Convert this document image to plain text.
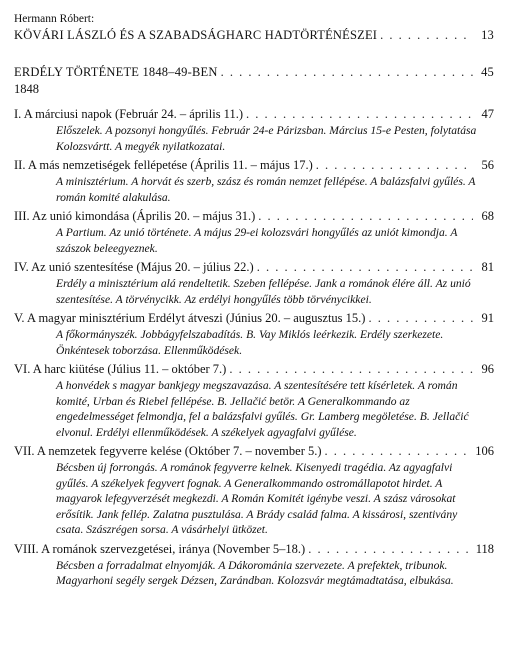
Hermann Róbert:
KÖVÁRI LÁSZLÓ ÉS A SZABADSÁGHARC HADTÖRTÉNÉSZEI . . .	13
ERDÉLY TÖRTÉNETE 1848–49-BEN . . .	45
1848
I. A márciusi napok (Február 24. – április 11.) . . .	47
Előszelek. A pozsonyi hongyűlés. Február 24-e Párizsban. Március 15-e Pesten, folytatása Kolozsvártt. A megyék nyilatkozatai.
II. A más nemzetiségek fellépetése (Április 11. – május 17.) . . .	56
A minisztérium. A horvát és szerb, szász és román nemzet fellépése. A balázsfalvi gyűlés. A román komité alakulása.
III. Az unió kimondása (Április 20. – május 31.) . . .	68
A Partium. Az unió története. A május 29-ei kolozsvári hongyűlés az uniót kimondja. A szászok beleegyeznek.
IV. Az unió szentesítése (Május 20. – július 22.) . . .	81
Erdély a minisztérium alá rendeltetik. Szeben fellépése. Jank a románok élére áll. Az unió szentesítése. A törvénycikk. Az erdélyi hongyűlés több törvénycikkei.
V. A magyar minisztérium Erdélyt átveszi (Június 20. – augusztus 15.) . . .	91
A főkormányszék. Jobbágyfelszabadítás. B. Vay Miklós leérkezik. Erdély szerkezete. Önkéntesek toborzása. Ellenműködések.
VI. A harc kiütése (Július 11. – október 7.) . . .	96
A honvédek s magyar bankjegy megszavazása. A szentesítésére tett kísérletek. A román komité, Urban és Riebel fellépése. B. Jellačić betör. A Generalkommando az engedelmességet felmondja, fel a balázsfalvi gyűlés. Gr. Lamberg megöletése. B. Jellačić elvonul. Erdélyi ellenműködések. A székelyek agyagfalvi gyűlése.
VII. A nemzetek fegyverre kelése (Október 7. – november 5.) . . .	106
Bécsben új forrongás. A románok fegyverre kelnek. Kisenyedi tragédia. Az agyagfalvi gyűlés. A székelyek fegyvert fognak. A Generalkommando ostromállapotot hirdet. A magyarok lefegyverzését megkezdi. A Román Komitét igénybe veszi. A szász városokat erősítik. Jank fellép. Zalatna pusztulása. A Brády család falma. A kissárosi, szentivány csata. Szászrégen sorsa. A vásárhelyi ütközet.
VIII. A románok szervezgetései, iránya (November 5–18.) . . .	118
Bécsben a forradalmat elnyomják. A Dákorománia szervezete. A prefektek, tribunok. Magyarhoni segély sergek Dézsen, Zarándban. Kolozsvár megtámadtatása, elbukása.
